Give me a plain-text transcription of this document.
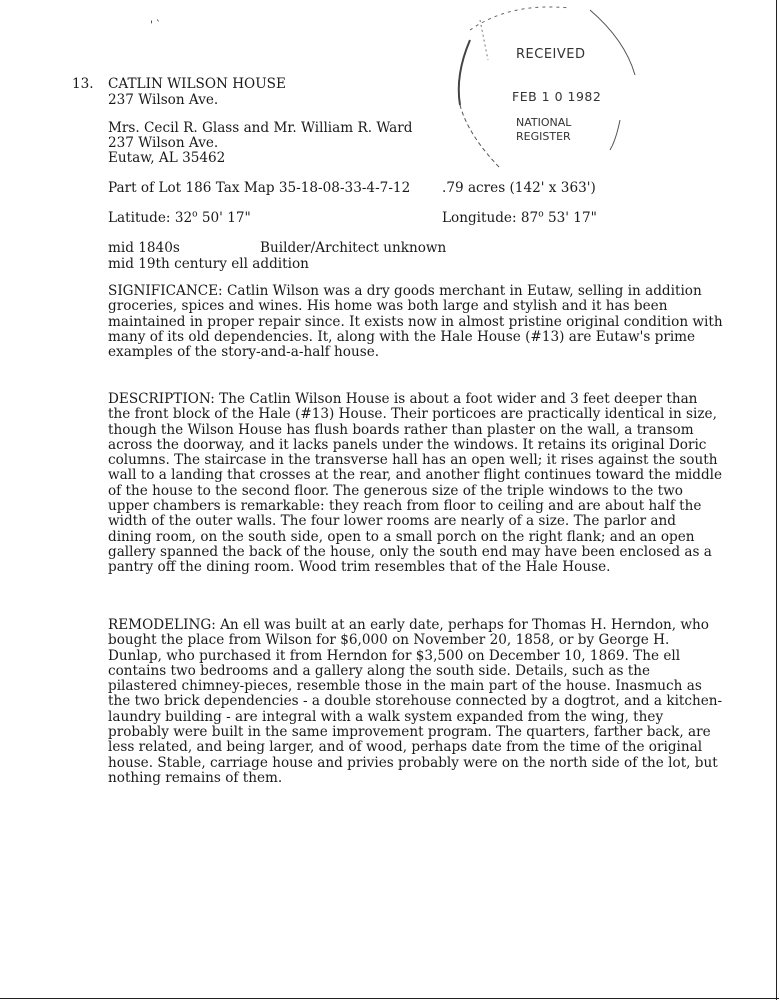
RECEIVED
FEB 1 0 1982
NATIONAL
REGISTER
' `
13. CATLIN WILSON HOUSE
237 Wilson Ave.
Mrs. Cecil R. Glass and Mr. William R. Ward
237 Wilson Ave.
Eutaw, AL 35462
Part of Lot 186 Tax Map 35-18-08-33-4-7-12 .79 acres (142' x 363')
Latitude: 32$^o$ 50' 17"	Longitude: 87$^o$ 53' 17"
mid 1840s	Builder/Architect unknown
mid 19th century ell addition

SIGNIFICANCE: Catlin Wilson was a dry goods merchant in Eutaw, selling in addition groceries, spices and wines. His home was both large and stylish and it has been maintained in proper repair since. It exists now in almost pristine original condition with many of its old dependencies. It, along with the Hale House (#13) are Eutaw's prime examples of the story-and-a-half house.

DESCRIPTION: The Catlin Wilson House is about a foot wider and 3 feet deeper than the front block of the Hale (#13) House. Their porticoes are practically identical in size, though the Wilson House has flush boards rather than plaster on the wall, a transom across the doorway, and it lacks panels under the windows. It retains its original Doric columns. The staircase in the transverse hall has an open well; it rises against the south wall to a landing that crosses at the rear, and another flight continues toward the middle of the house to the second floor. The generous size of the triple windows to the two upper chambers is remarkable: they reach from floor to ceiling and are about half the width of the outer walls. The four lower rooms are nearly of a size. The parlor and dining room, on the south side, open to a small porch on the right flank; and an open gallery spanned the back of the house, only the south end may have been enclosed as a pantry off the dining room. Wood trim resembles that of the Hale House.

REMODELING: An ell was built at an early date, perhaps for Thomas H. Herndon, who bought the place from Wilson for $6,000 on November 20, 1858, or by George H. Dunlap, who purchased it from Herndon for $3,500 on December 10, 1869. The ell contains two bedrooms and a gallery along the south side. Details, such as the pilastered chimney-pieces, resemble those in the main part of the house. Inasmuch as the two brick dependencies - a double storehouse connected by a dogtrot, and a kitchen-laundry building - are integral with a walk system expanded from the wing, they probably were built in the same improvement program. The quarters, farther back, are less related, and being larger, and of wood, perhaps date from the time of the original house. Stable, carriage house and privies probably were on the north side of the lot, but nothing remains of them.
